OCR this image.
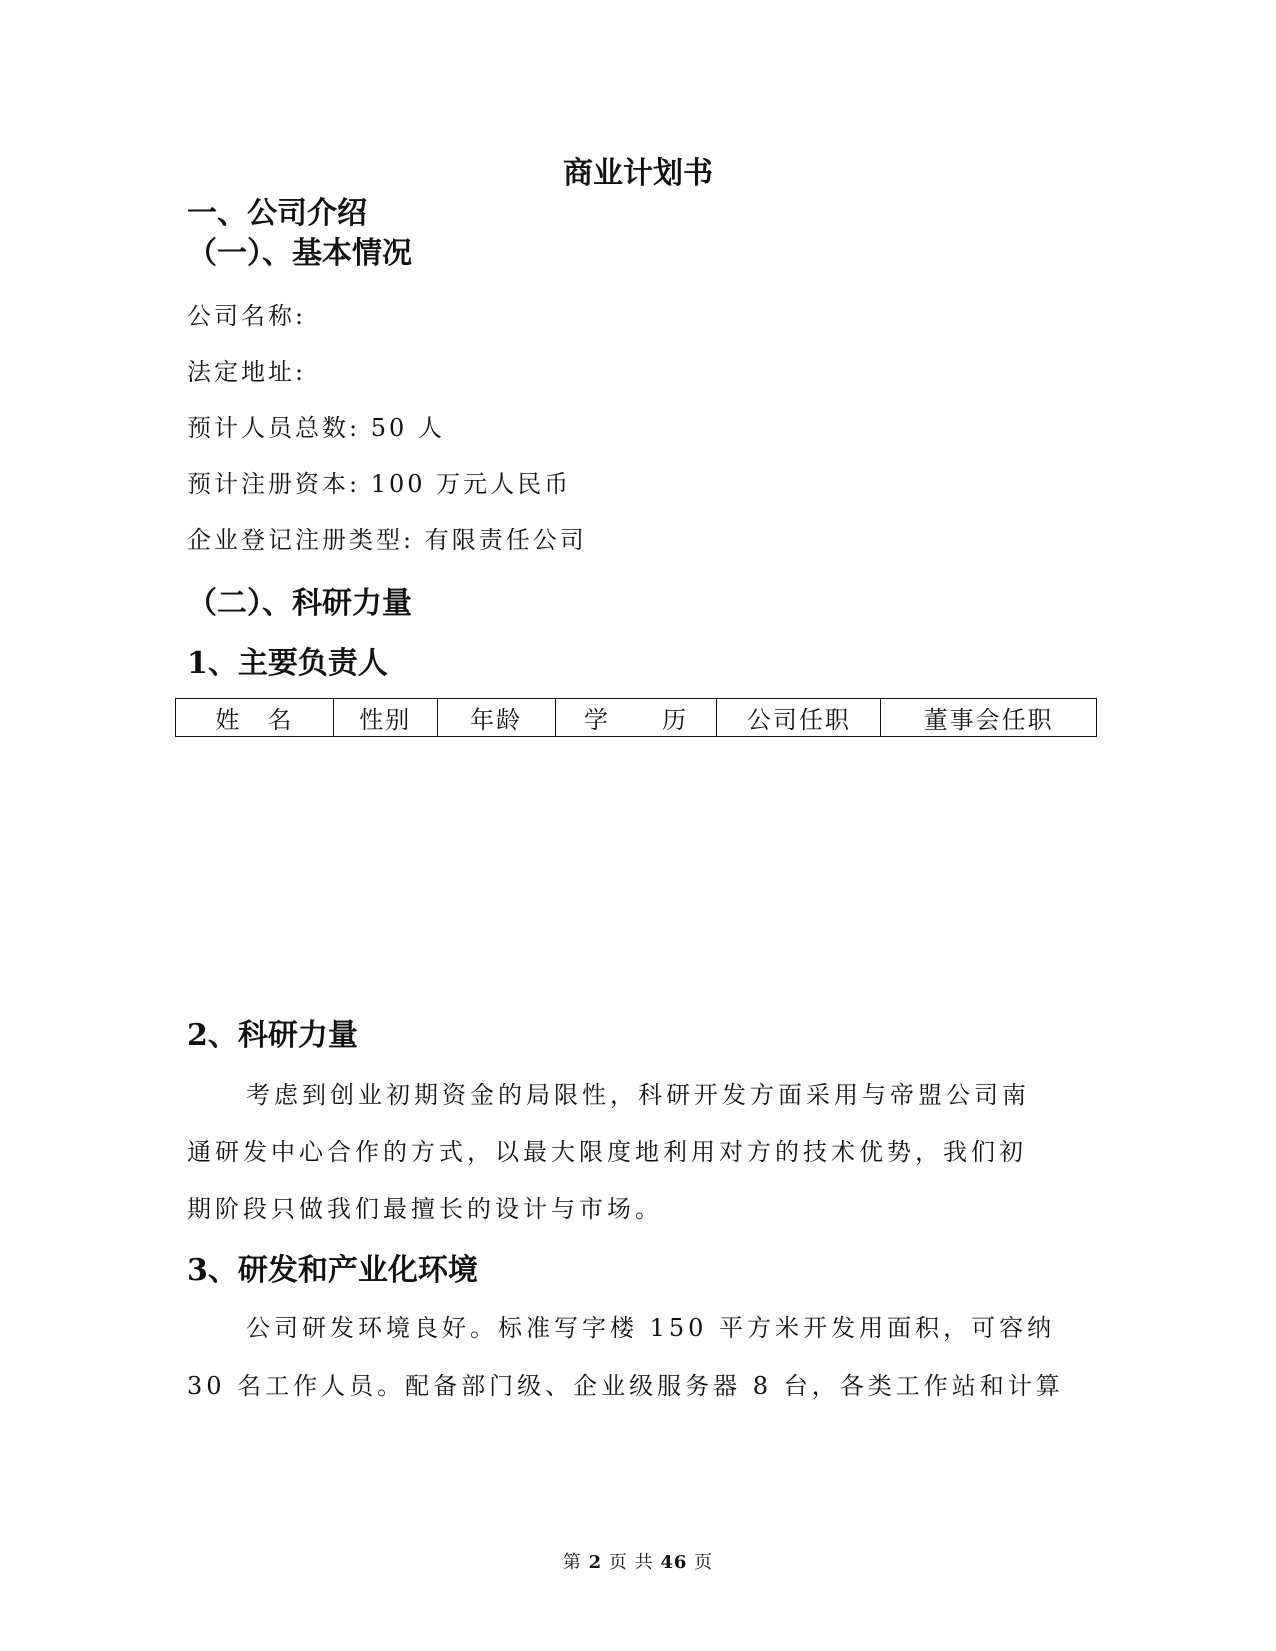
商业计划书
一、公司介绍
（一）、基本情况
公司名称:
法定地址:
预计人员总数: 50 人
预计注册资本: 100 万元人民币
企业登记注册类型: 有限责任公司
（二）、科研力量
1、主要负责人
姓　名	性别	年龄	学　　历	公司任职	董事会任职
2、科研力量
考虑到创业初期资金的局限性，科研开发方面采用与帝盟公司南
通研发中心合作的方式，以最大限度地利用对方的技术优势，我们初
期阶段只做我们最擅长的设计与市场。
3、研发和产业化环境
公司研发环境良好。标准写字楼 150 平方米开发用面积，可容纳
30 名工作人员。配备部门级、企业级服务器 8 台，各类工作站和计算
第 2 页 共 46 页
